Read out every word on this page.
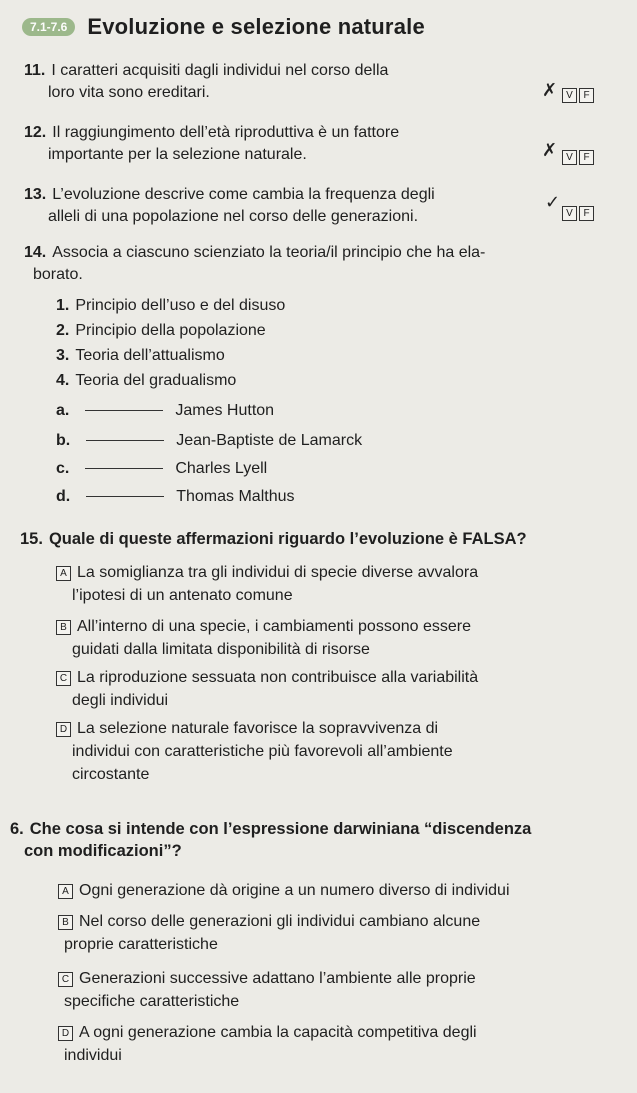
7.1-7.6 Evoluzione e selezione naturale
11. I caratteri acquisiti dagli individui nel corso della
loro vita sono ereditari.	V	F
✗
12. Il raggiungimento dell’età riproduttiva è un fattore
importante per la selezione naturale.	V	F
✗
13. L’evoluzione descrive come cambia la frequenza degli
alleli di una popolazione nel corso delle generazioni.	V	F
✓
14. Associa a ciascuno scienziato la teoria/il principio che ha ela-
borato.
1. Principio dell’uso e del disuso
2. Principio della popolazione
3. Teoria dell’attualismo
4. Teoria del gradualismo
a.	James Hutton
b.	Jean-Baptiste de Lamarck
c.	Charles Lyell
d.	Thomas Malthus
15. Quale di queste affermazioni riguardo l’evoluzione è FALSA?
A La somiglianza tra gli individui di specie diverse avvalora
l’ipotesi di un antenato comune
B All’interno di una specie, i cambiamenti possono essere
guidati dalla limitata disponibilità di risorse
C La riproduzione sessuata non contribuisce alla variabilità
degli individui
D La selezione naturale favorisce la sopravvivenza di
individui con caratteristiche più favorevoli all’ambiente
circostante
6. Che cosa si intende con l’espressione darwiniana “discendenza
con modificazioni”?
A Ogni generazione dà origine a un numero diverso di individui
B Nel corso delle generazioni gli individui cambiano alcune
proprie caratteristiche
C Generazioni successive adattano l’ambiente alle proprie
specifiche caratteristiche
D A ogni generazione cambia la capacità competitiva degli
individui
